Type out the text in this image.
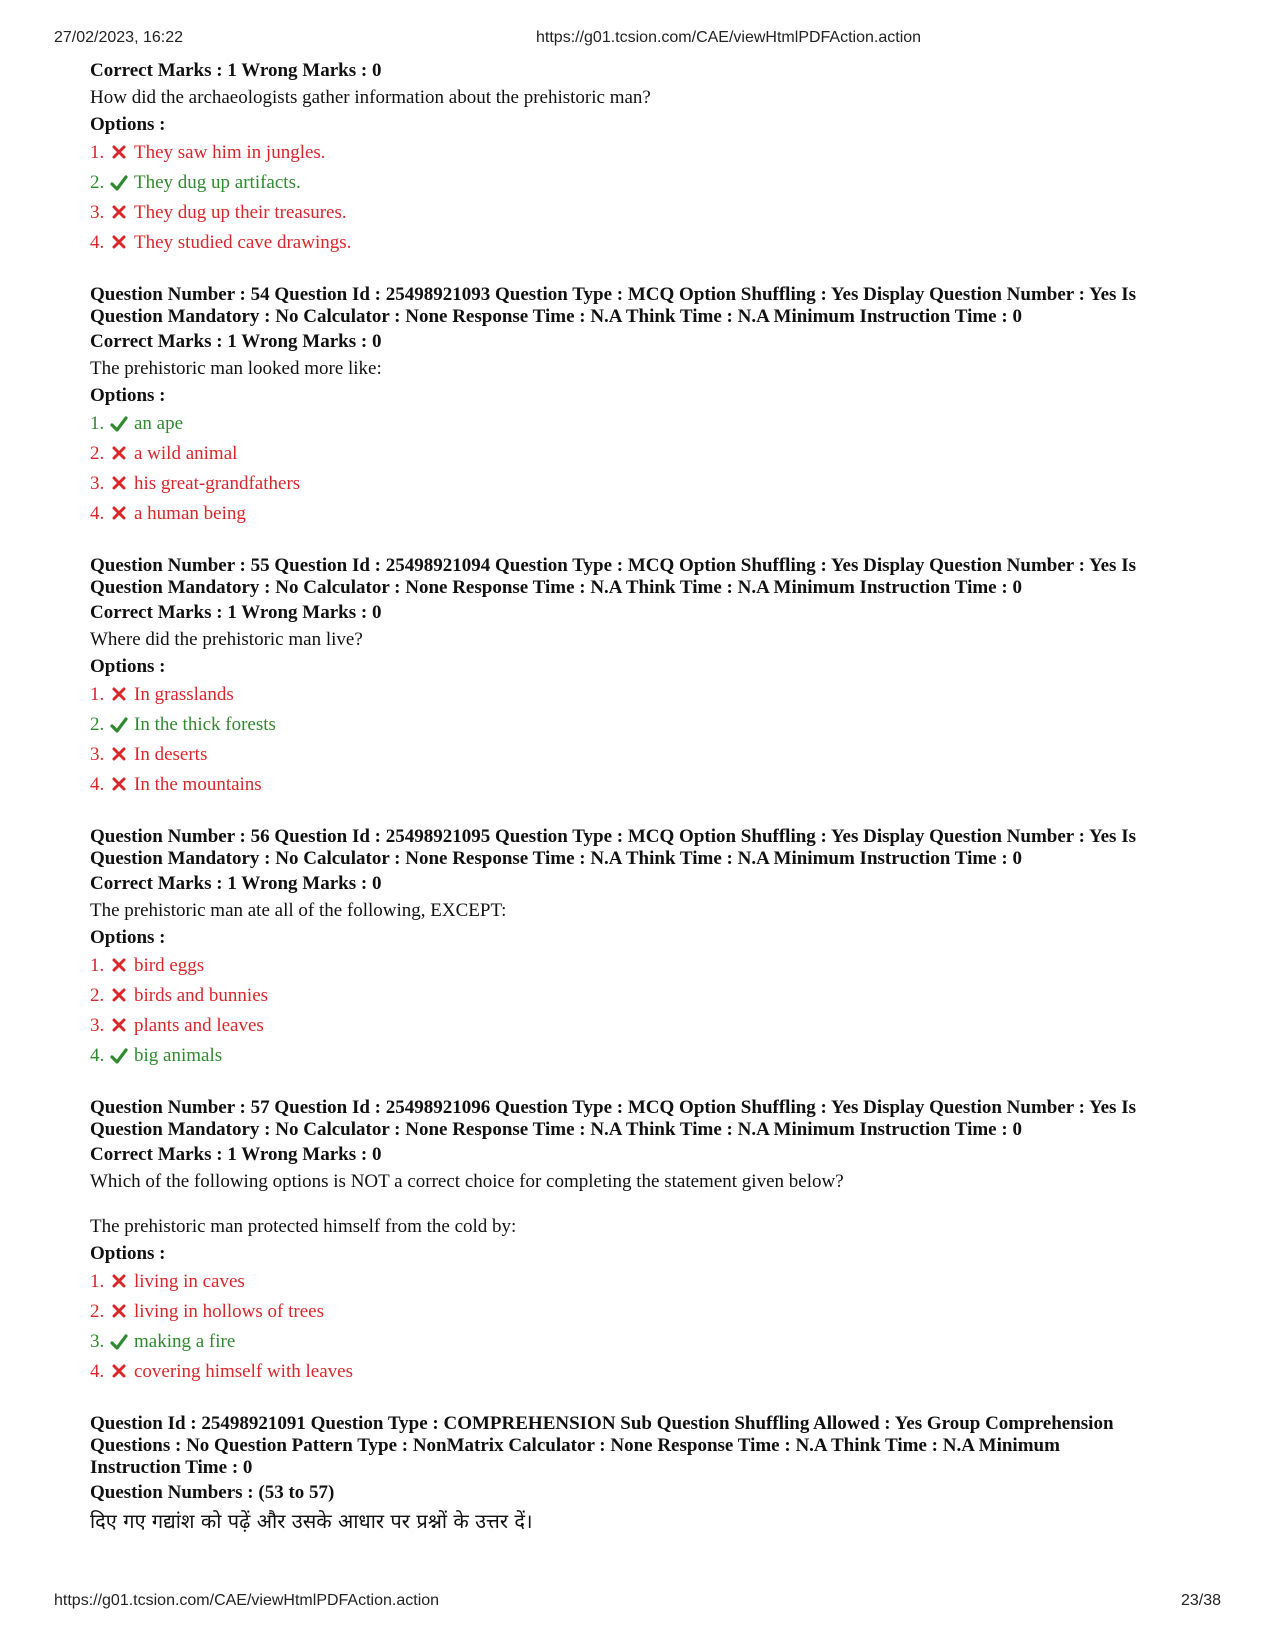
27/02/2023, 16:22	https://g01.tcsion.com/CAE/viewHtmlPDFAction.action
Correct Marks : 1 Wrong Marks : 0
How did the archaeologists gather information about the prehistoric man?
Options :
1.	They saw him in jungles.
2.	They dug up artifacts.
3.	They dug up their treasures.
4.	They studied cave drawings.
Question Number : 54 Question Id : 25498921093 Question Type : MCQ Option Shuffling : Yes Display Question Number : Yes Is
Question Mandatory : No Calculator : None Response Time : N.A Think Time : N.A Minimum Instruction Time : 0
Correct Marks : 1 Wrong Marks : 0
The prehistoric man looked more like:
Options :
1.	an ape
2.	a wild animal
3.	his great-grandfathers
4.	a human being
Question Number : 55 Question Id : 25498921094 Question Type : MCQ Option Shuffling : Yes Display Question Number : Yes Is
Question Mandatory : No Calculator : None Response Time : N.A Think Time : N.A Minimum Instruction Time : 0
Correct Marks : 1 Wrong Marks : 0
Where did the prehistoric man live?
Options :
1.	In grasslands
2.	In the thick forests
3.	In deserts
4.	In the mountains
Question Number : 56 Question Id : 25498921095 Question Type : MCQ Option Shuffling : Yes Display Question Number : Yes Is
Question Mandatory : No Calculator : None Response Time : N.A Think Time : N.A Minimum Instruction Time : 0
Correct Marks : 1 Wrong Marks : 0
The prehistoric man ate all of the following, EXCEPT:
Options :
1.	bird eggs
2.	birds and bunnies
3.	plants and leaves
4.	big animals
Question Number : 57 Question Id : 25498921096 Question Type : MCQ Option Shuffling : Yes Display Question Number : Yes Is
Question Mandatory : No Calculator : None Response Time : N.A Think Time : N.A Minimum Instruction Time : 0
Correct Marks : 1 Wrong Marks : 0
Which of the following options is NOT a correct choice for completing the statement given below?
The prehistoric man protected himself from the cold by:
Options :
1.	living in caves
2.	living in hollows of trees
3.	making a fire
4.	covering himself with leaves
Question Id : 25498921091 Question Type : COMPREHENSION Sub Question Shuffling Allowed : Yes Group Comprehension
Questions : No Question Pattern Type : NonMatrix Calculator : None Response Time : N.A Think Time : N.A Minimum
Instruction Time : 0
Question Numbers : (53 to 57)
दिए गए गद्यांश को पढ़ें और उसके आधार पर प्रश्नों के उत्तर दें।
https://g01.tcsion.com/CAE/viewHtmlPDFAction.action	23/38
